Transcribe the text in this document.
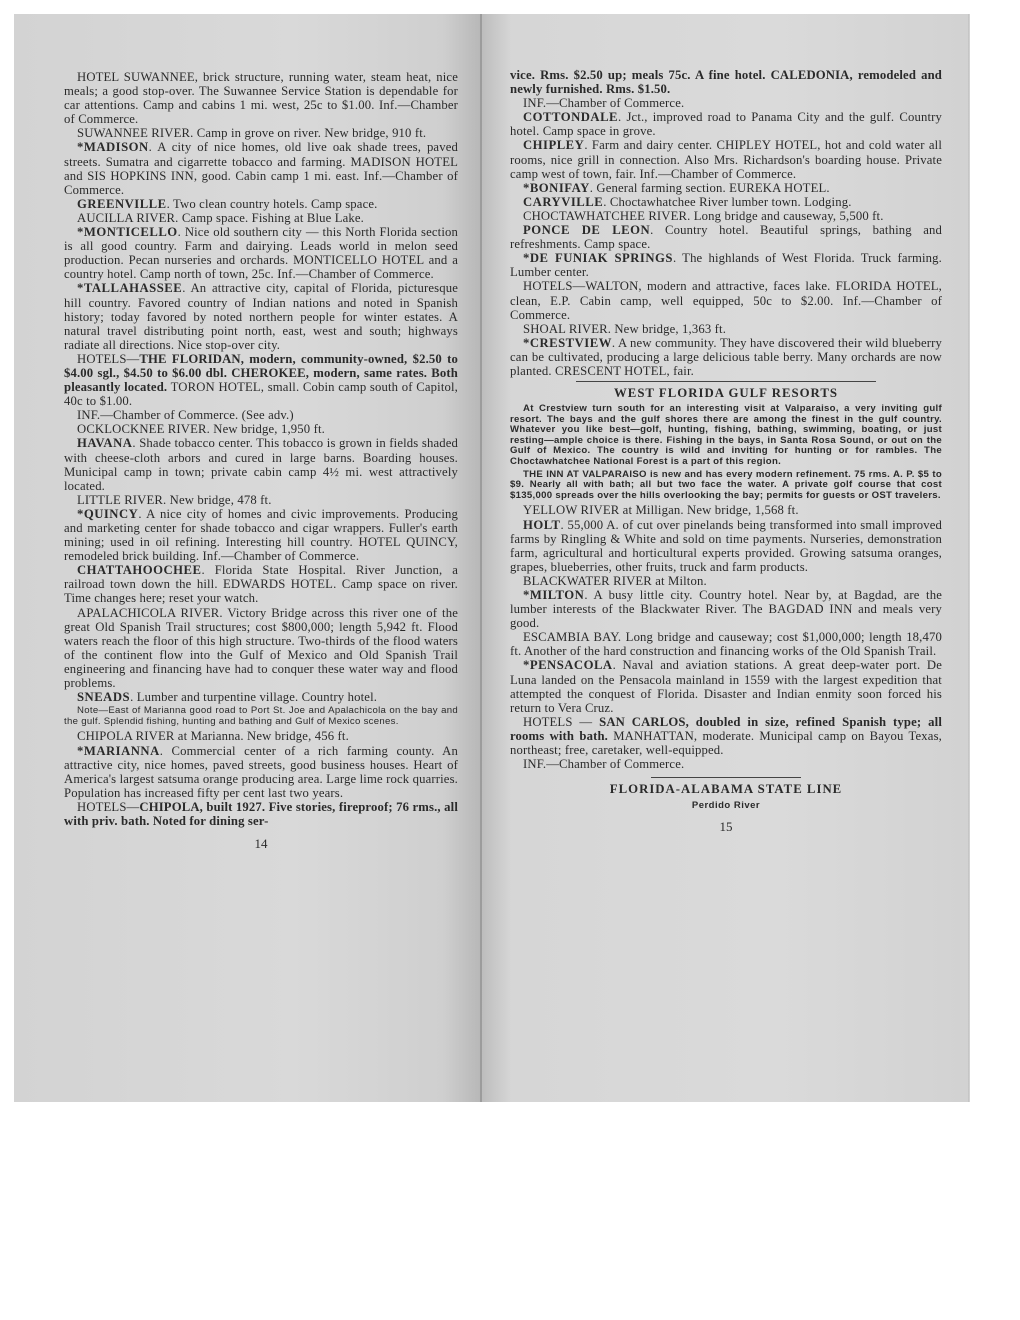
HOTEL SUWANNEE, brick structure, running water, steam heat, nice meals; a good stop-over. The Suwannee Service Station is dependable for car attentions. Camp and cabins 1 mi. west, 25c to $1.00. Inf.—Chamber of Commerce.

SUWANNEE RIVER. Camp in grove on river. New bridge, 910 ft.

*MADISON. A city of nice homes, old live oak shade trees, paved streets. Sumatra and cigarrette tobacco and farming. MADISON HOTEL and SIS HOPKINS INN, good. Cabin camp 1 mi. east. Inf.—Chamber of Commerce.

GREENVILLE. Two clean country hotels. Camp space.

AUCILLA RIVER. Camp space. Fishing at Blue Lake.

*MONTICELLO. Nice old southern city — this North Florida section is all good country. Farm and dairying. Leads world in melon seed production. Pecan nurseries and orchards. MONTICELLO HOTEL and a country hotel. Camp north of town, 25c. Inf.—Chamber of Commerce.

*TALLAHASSEE. An attractive city, capital of Florida, picturesque hill country. Favored country of Indian nations and noted in Spanish history; today favored by noted northern people for winter estates. A natural travel distributing point north, east, west and south; highways radiate all directions. Nice stop-over city.

HOTELS—THE FLORIDAN, modern, community-owned, $2.50 to $4.00 sgl., $4.50 to $6.00 dbl. CHEROKEE, modern, same rates. Both pleasantly located. TORON HOTEL, small. Cobin camp south of Capitol, 40c to $1.00.

INF.—Chamber of Commerce. (See adv.)

OCKLOCKNEE RIVER. New bridge, 1,950 ft.

HAVANA. Shade tobacco center. This tobacco is grown in fields shaded with cheese-cloth arbors and cured in large barns. Boarding houses. Municipal camp in town; private cabin camp 4½ mi. west attractively located.

LITTLE RIVER. New bridge, 478 ft.

*QUINCY. A nice city of homes and civic improvements. Producing and marketing center for shade tobacco and cigar wrappers. Fuller's earth mining; used in oil refining. Interesting hill country. HOTEL QUINCY, remodeled brick building. Inf.—Chamber of Commerce.

CHATTAHOOCHEE. Florida State Hospital. River Junction, a railroad town down the hill. EDWARDS HOTEL. Camp space on river. Time changes here; reset your watch.

APALACHICOLA RIVER. Victory Bridge across this river one of the great Old Spanish Trail structures; cost $800,000; length 5,942 ft. Flood waters reach the floor of this high structure. Two-thirds of the flood waters of the continent flow into the Gulf of Mexico and Old Spanish Trail engineering and financing have had to conquer these water way and flood problems.

SNEADS. Lumber and turpentine village. Country hotel.

Note—East of Marianna good road to Port St. Joe and Apalachicola on the bay and the gulf. Splendid fishing, hunting and bathing and Gulf of Mexico scenes.

CHIPOLA RIVER at Marianna. New bridge, 456 ft.

*MARIANNA. Commercial center of a rich farming county. An attractive city, nice homes, paved streets, good business houses. Heart of America's largest satsuma orange producing area. Large lime rock quarries. Population has increased fifty per cent last two years.

HOTELS—CHIPOLA, built 1927. Five stories, fireproof; 76 rms., all with priv. bath. Noted for dining ser-

14

vice. Rms. $2.50 up; meals 75c. A fine hotel. CALEDONIA, remodeled and newly furnished. Rms. $1.50.

INF.—Chamber of Commerce.

COTTONDALE. Jct., improved road to Panama City and the gulf. Country hotel. Camp space in grove.

CHIPLEY. Farm and dairy center. CHIPLEY HOTEL, hot and cold water all rooms, nice grill in connection. Also Mrs. Richardson's boarding house. Private camp west of town, fair. Inf.—Chamber of Commerce.

*BONIFAY. General farming section. EUREKA HOTEL.

CARYVILLE. Choctawhatchee River lumber town. Lodging.

CHOCTAWHATCHEE RIVER. Long bridge and causeway, 5,500 ft.

PONCE DE LEON. Country hotel. Beautiful springs, bathing and refreshments. Camp space.

*DE FUNIAK SPRINGS. The highlands of West Florida. Truck farming. Lumber center.

HOTELS—WALTON, modern and attractive, faces lake. FLORIDA HOTEL, clean, E.P. Cabin camp, well equipped, 50c to $2.00. Inf.—Chamber of Commerce.

SHOAL RIVER. New bridge, 1,363 ft.

*CRESTVIEW. A new community. They have discovered their wild blueberry can be cultivated, producing a large delicious table berry. Many orchards are now planted. CRESCENT HOTEL, fair.

WEST FLORIDA GULF RESORTS

At Crestview turn south for an interesting visit at Valparaiso, a very inviting gulf resort. The bays and the gulf shores there are among the finest in the gulf country. Whatever you like best—golf, hunting, fishing, bathing, swimming, boating, or just resting—ample choice is there. Fishing in the bays, in Santa Rosa Sound, or out on the Gulf of Mexico. The country is wild and inviting for hunting or for rambles. The Choctawhatchee National Forest is a part of this region.

THE INN AT VALPARAISO is new and has every modern refinement. 75 rms. A. P. $5 to $9. Nearly all with bath; all but two face the water. A private golf course that cost $135,000 spreads over the hills overlooking the bay; permits for guests or OST travelers.

YELLOW RIVER at Milligan. New bridge, 1,568 ft.

HOLT. 55,000 A. of cut over pinelands being transformed into small improved farms by Ringling & White and sold on time payments. Nurseries, demonstration farm, agricultural and horticultural experts provided. Growing satsuma oranges, grapes, blueberries, other fruits, truck and farm products.

BLACKWATER RIVER at Milton.

*MILTON. A busy little city. Country hotel. Near by, at Bagdad, are the lumber interests of the Blackwater River. The BAGDAD INN and meals very good.

ESCAMBIA BAY. Long bridge and causeway; cost $1,000,000; length 18,470 ft. Another of the hard construction and financing works of the Old Spanish Trail.

*PENSACOLA. Naval and aviation stations. A great deep-water port. De Luna landed on the Pensacola mainland in 1559 with the largest expedition that attempted the conquest of Florida. Disaster and Indian enmity soon forced his return to Vera Cruz.

HOTELS — SAN CARLOS, doubled in size, refined Spanish type; all rooms with bath. MANHATTAN, moderate. Municipal camp on Bayou Texas, northeast; free, caretaker, well-equipped.

INF.—Chamber of Commerce.

FLORIDA-ALABAMA STATE LINE
Perdido River
15
